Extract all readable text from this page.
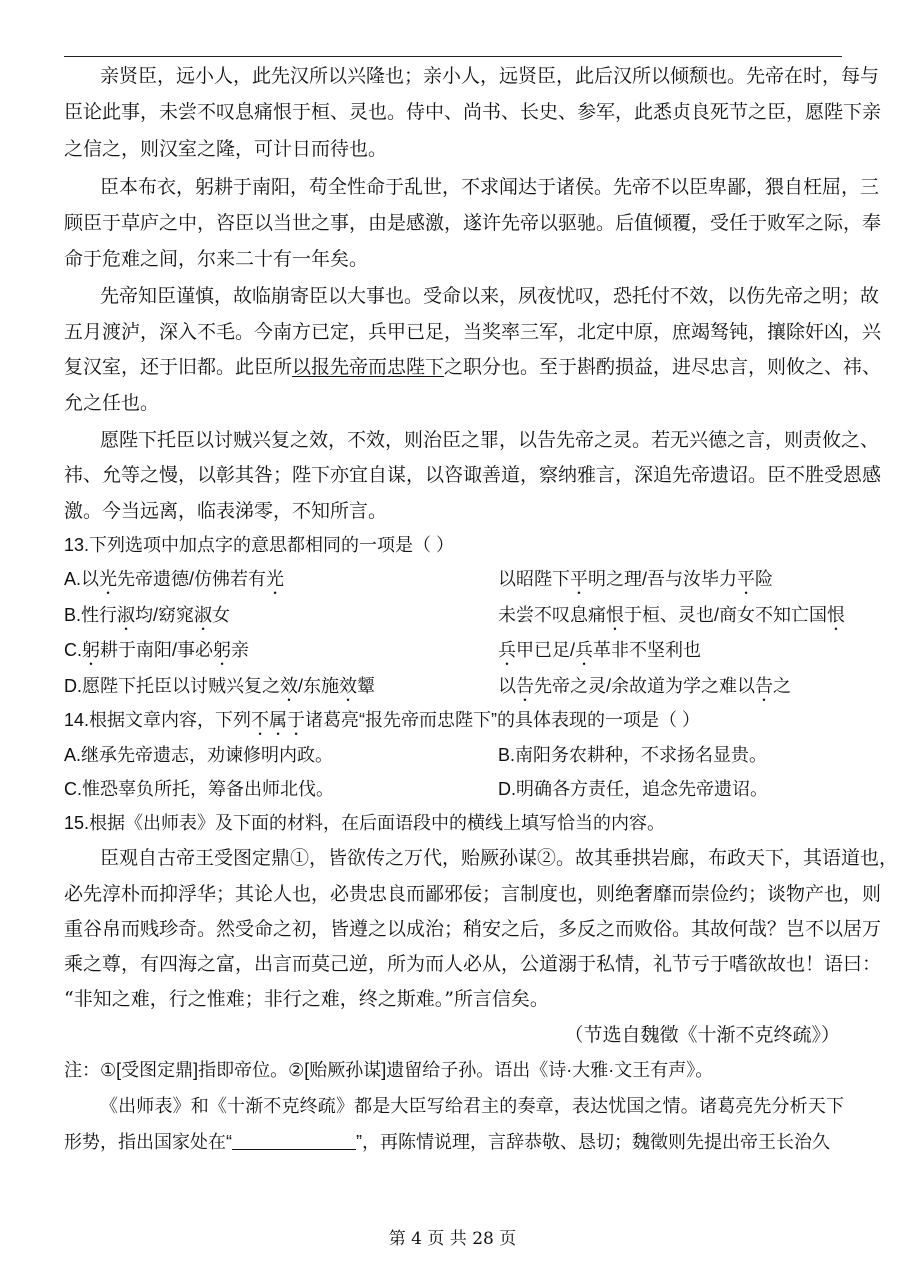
亲贤臣，远小人，此先汉所以兴隆也；亲小人，远贤臣，此后汉所以倾颓也。先帝在时，每与
臣论此事，未尝不叹息痛恨于桓、灵也。侍中、尚书、长史、参军，此悉贞良死节之臣，愿陛下亲
之信之，则汉室之隆，可计日而待也。
臣本布衣，躬耕于南阳，苟全性命于乱世，不求闻达于诸侯。先帝不以臣卑鄙，猥自枉屈，三
顾臣于草庐之中，咨臣以当世之事，由是感激，遂许先帝以驱驰。后值倾覆，受任于败军之际，奉
命于危难之间，尔来二十有一年矣。
先帝知臣谨慎，故临崩寄臣以大事也。受命以来，夙夜忧叹，恐托付不效，以伤先帝之明；故
五月渡泸，深入不毛。今南方已定，兵甲已足，当奖率三军，北定中原，庶竭驽钝，攘除奸凶，兴
复汉室，还于旧都。此臣所以报先帝而忠陛下之职分也。至于斟酌损益，进尽忠言，则攸之、祎、
允之任也。
愿陛下托臣以讨贼兴复之效，不效，则治臣之罪，以告先帝之灵。若无兴德之言，则责攸之、
祎、允等之慢，以彰其咎；陛下亦宜自谋，以咨诹善道，察纳雅言，深追先帝遗诏。臣不胜受恩感
激。今当远离，临表涕零，不知所言。
13.下列选项中加点字的意思都相同的一项是（ ）
A.以光先帝遗德/仿佛若有光	以昭陛下平明之理/吾与汝毕力平险
B.性行淑均/窈窕淑女	未尝不叹息痛恨于桓、灵也/商女不知亡国恨
C.躬耕于南阳/事必躬亲	兵甲已足/兵革非不坚利也
D.愿陛下托臣以讨贼兴复之效/东施效颦	以告先帝之灵/余故道为学之难以告之
14.根据文章内容，下列不属于诸葛亮“报先帝而忠陛下”的具体表现的一项是（ ）
A.继承先帝遗志，劝谏修明内政。	B.南阳务农耕种，不求扬名显贵。
C.惟恐辜负所托，筹备出师北伐。	D.明确各方责任，追念先帝遗诏。
15.根据《出师表》及下面的材料，在后面语段中的横线上填写恰当的内容。
臣观自古帝王受图定鼎①，皆欲传之万代，贻厥孙谋②。故其垂拱岩廊，布政天下，其语道也，
必先淳朴而抑浮华；其论人也，必贵忠良而鄙邪佞；言制度也，则绝奢靡而崇俭约；谈物产也，则
重谷帛而贱珍奇。然受命之初，皆遵之以成治；稍安之后，多反之而败俗。其故何哉？岂不以居万
乘之尊，有四海之富，出言而莫己逆，所为而人必从，公道溺于私情，礼节亏于嗜欲故也！语曰：
“非知之难，行之惟难；非行之难，终之斯难。”所言信矣。
（节选自魏徵《十渐不克终疏》）
注：①[受图定鼎]指即帝位。②[贻厥孙谋]遗留给子孙。语出《诗·大雅·文王有声》。
《出师表》和《十渐不克终疏》都是大臣写给君主的奏章，表达忧国之情。诸葛亮先分析天下
形势，指出国家处在“	”，再陈情说理，言辞恭敬、恳切；魏徵则先提出帝王长治久
第 4 页 共 28 页
